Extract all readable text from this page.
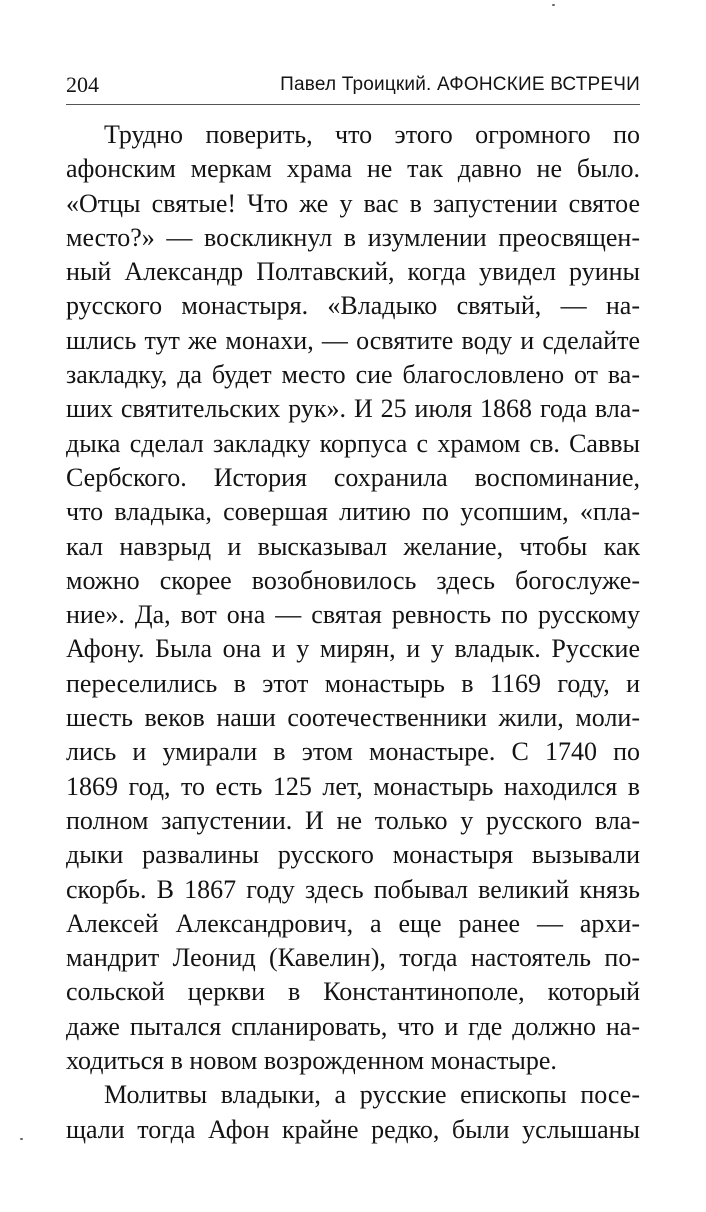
204	Павел Троицкий. АФОНСКИЕ ВСТРЕЧИ
Трудно поверить, что этого огромного по
афонским меркам храма не так давно не было.
«Отцы святые! Что же у вас в запустении святое
место?» — воскликнул в изумлении преосвящен-
ный Александр Полтавский, когда увидел руины
русского монастыря. «Владыко святый, — на-
шлись тут же монахи, — освятите воду и сделайте
закладку, да будет место сие благословлено от ва-
ших святительских рук». И 25 июля 1868 года вла-
дыка сделал закладку корпуса с храмом св. Саввы
Сербского. История сохранила воспоминание,
что владыка, совершая литию по усопшим, «пла-
кал навзрыд и высказывал желание, чтобы как
можно скорее возобновилось здесь богослуже-
ние». Да, вот она — святая ревность по русскому
Афону. Была она и у мирян, и у владык. Русские
переселились в этот монастырь в 1169 году, и
шесть веков наши соотечественники жили, моли-
лись и умирали в этом монастыре. С 1740 по
1869 год, то есть 125 лет, монастырь находился в
полном запустении. И не только у русского вла-
дыки развалины русского монастыря вызывали
скорбь. В 1867 году здесь побывал великий князь
Алексей Александрович, а еще ранее — архи-
мандрит Леонид (Кавелин), тогда настоятель по-
сольской церкви в Константинополе, который
даже пытался спланировать, что и где должно на-
ходиться в новом возрожденном монастыре.
Молитвы владыки, а русские епископы посе-
щали тогда Афон крайне редко, были услышаны
